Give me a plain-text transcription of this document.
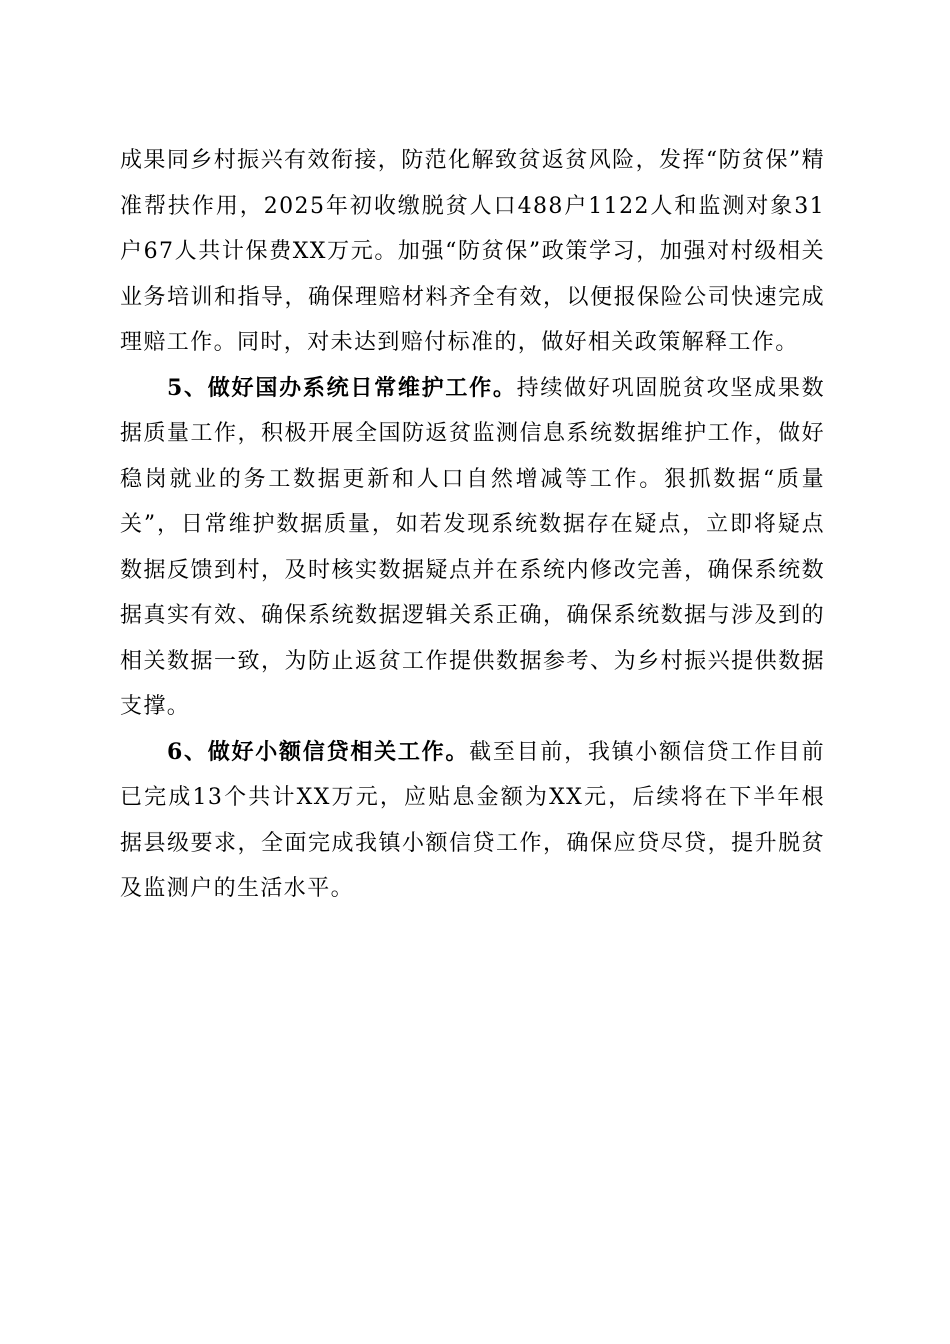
成果同乡村振兴有效衔接，防范化解致贫返贫风险，发挥“防贫保”精准帮扶作用，2025年初收缴脱贫人口488户1122人和监测对象31户67人共计保费XX万元。加强“防贫保”政策学习，加强对村级相关业务培训和指导，确保理赔材料齐全有效，以便报保险公司快速完成理赔工作。同时，对未达到赔付标准的，做好相关政策解释工作。

5、做好国办系统日常维护工作。持续做好巩固脱贫攻坚成果数据质量工作，积极开展全国防返贫监测信息系统数据维护工作，做好稳岗就业的务工数据更新和人口自然增减等工作。狠抓数据“质量关”，日常维护数据质量，如若发现系统数据存在疑点，立即将疑点数据反馈到村，及时核实数据疑点并在系统内修改完善，确保系统数据真实有效、确保系统数据逻辑关系正确，确保系统数据与涉及到的相关数据一致，为防止返贫工作提供数据参考、为乡村振兴提供数据支撑。

6、做好小额信贷相关工作。截至目前，我镇小额信贷工作目前已完成13个共计XX万元，应贴息金额为XX元，后续将在下半年根据县级要求，全面完成我镇小额信贷工作，确保应贷尽贷，提升脱贫及监测户的生活水平。
